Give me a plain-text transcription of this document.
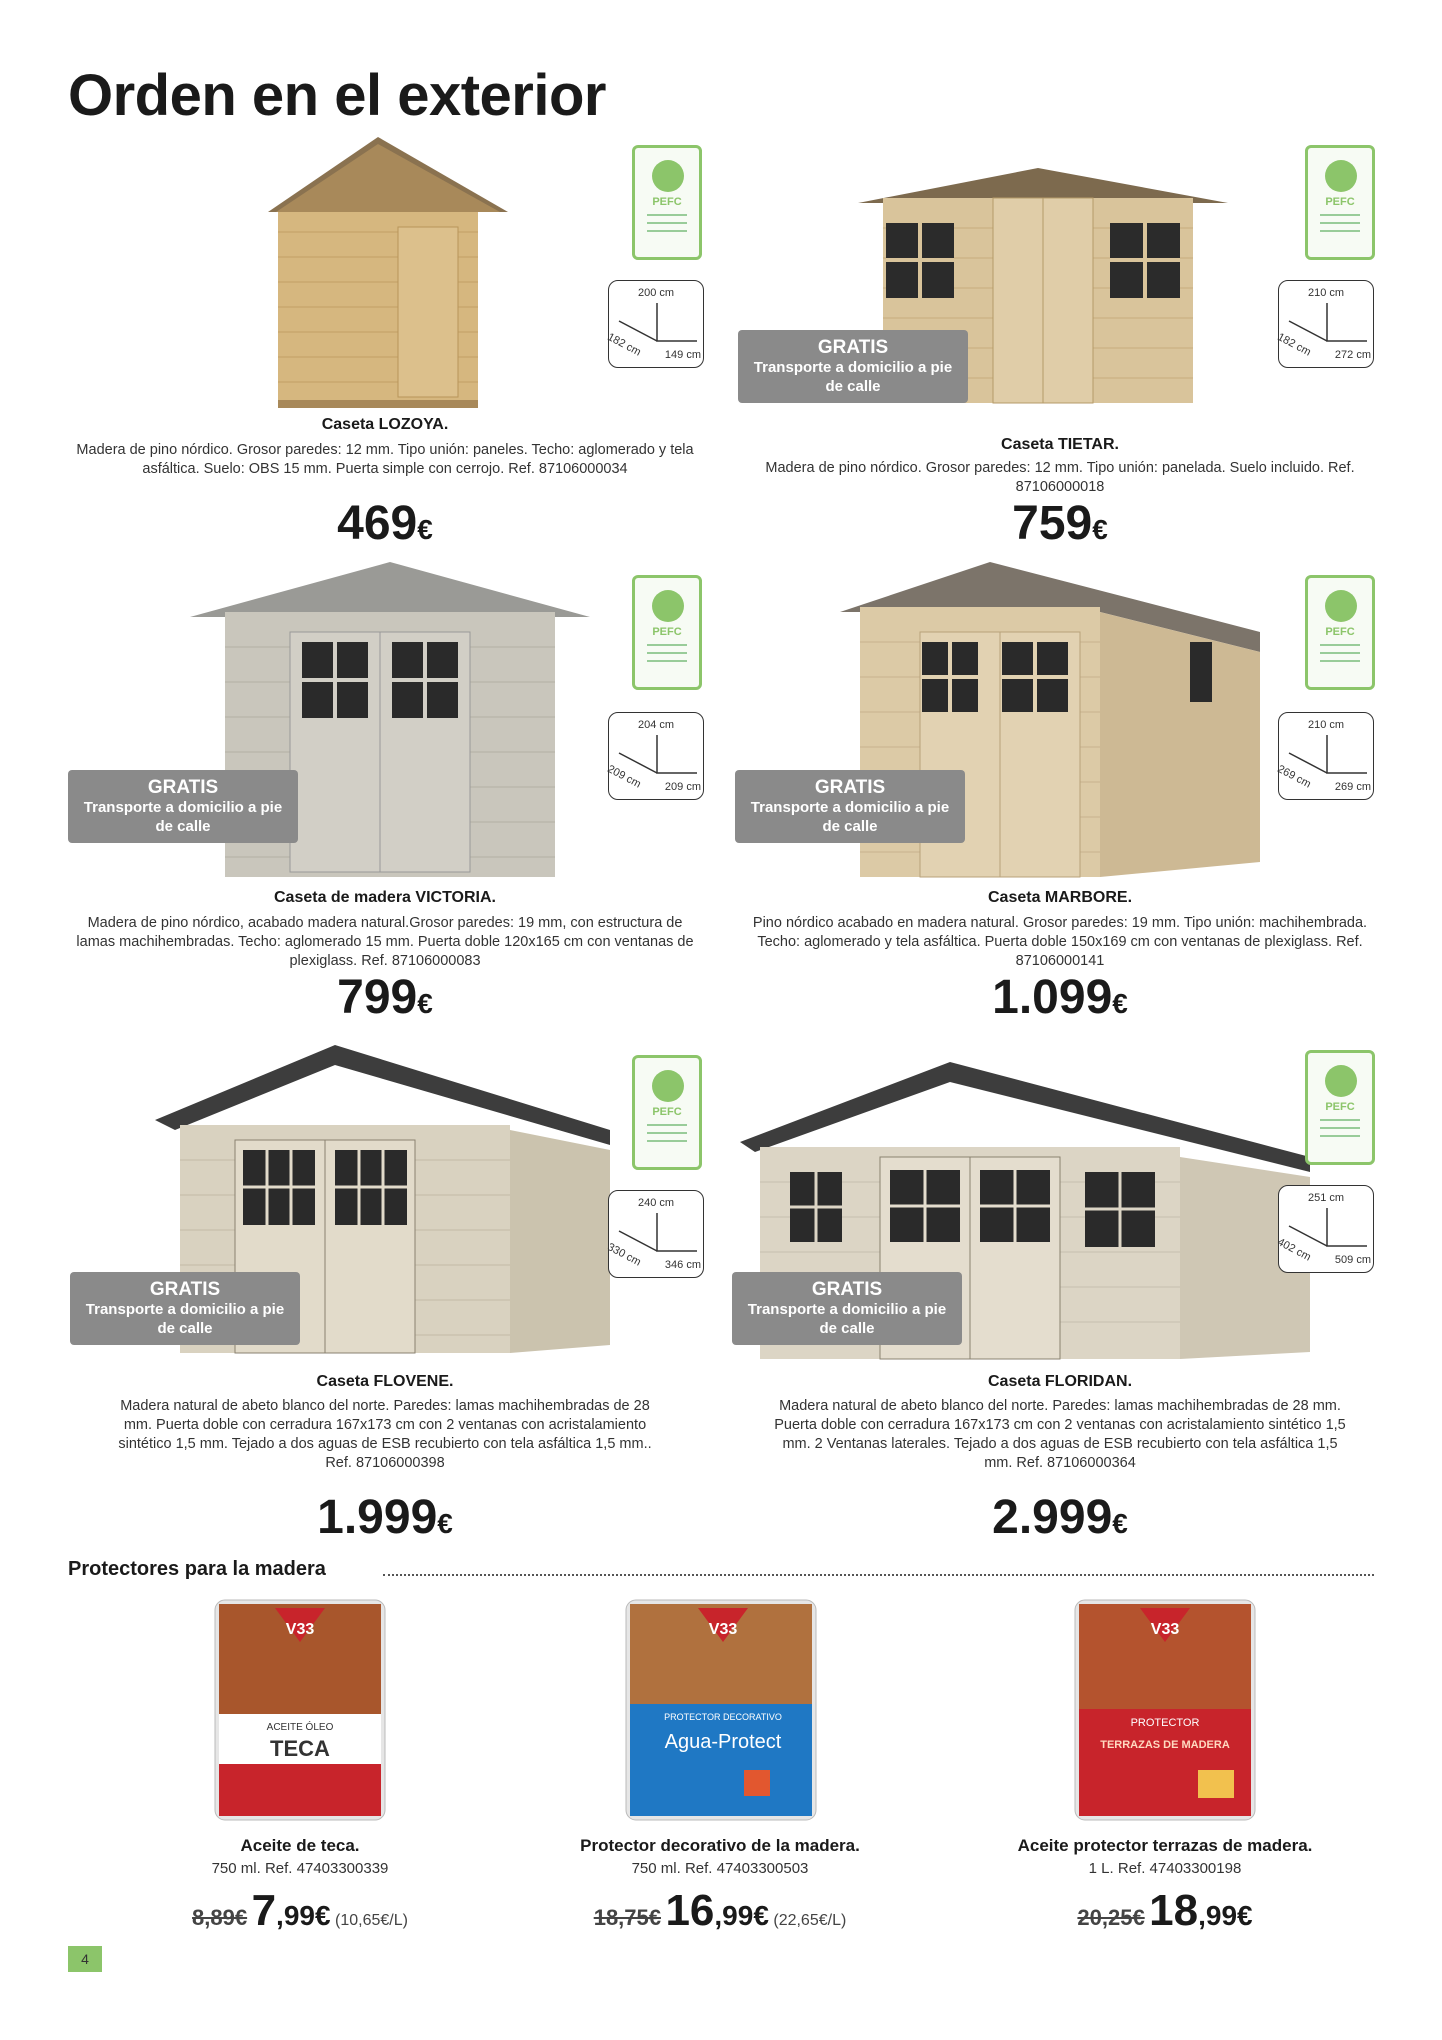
Orden en el exterior
PEFC
200 cm
182 cm 149 cm
Caseta LOZOYA.
Madera de pino nórdico. Grosor paredes: 12 mm. Tipo unión: paneles. Techo: aglomerado y tela asfáltica. Suelo: OBS 15 mm. Puerta simple con cerrojo. Ref. 87106000034
469€
PEFC
210 cm
182 cm 272 cm
GRATIS
Transporte a domicilio a pie de calle
Caseta TIETAR.
Madera de pino nórdico. Grosor paredes: 12 mm. Tipo unión: panelada. Suelo incluido. Ref. 87106000018
759€
PEFC
204 cm
209 cm 209 cm
GRATIS
Transporte a domicilio a pie de calle
Caseta de madera VICTORIA.
Madera de pino nórdico, acabado madera natural.Grosor paredes: 19 mm, con estructura de lamas machihembradas. Techo: aglomerado 15 mm. Puerta doble 120x165 cm con ventanas de plexiglass. Ref. 87106000083
799€
PEFC
210 cm
269 cm 269 cm
GRATIS
Transporte a domicilio a pie de calle
Caseta MARBORE.
Pino nórdico acabado en madera natural. Grosor paredes: 19 mm. Tipo unión: machihembrada. Techo: aglomerado y tela asfáltica. Puerta doble 150x169 cm con ventanas de plexiglass. Ref. 87106000141
1.099€
PEFC
240 cm
330 cm 346 cm
GRATIS
Transporte a domicilio a pie de calle
Caseta FLOVENE.
Madera natural de abeto blanco del norte. Paredes: lamas machihembradas de 28 mm. Puerta doble con cerradura 167x173 cm con 2 ventanas con acristalamiento sintético 1,5 mm. Tejado a dos aguas de ESB recubierto con tela asfáltica 1,5 mm.. Ref. 87106000398
1.999€
PEFC
251 cm
402 cm 509 cm
GRATIS
Transporte a domicilio a pie de calle
Caseta FLORIDAN.
Madera natural de abeto blanco del norte. Paredes: lamas machihembradas de 28 mm. Puerta doble con cerradura 167x173 cm con 2 ventanas con acristalamiento sintético 1,5 mm. 2 Ventanas laterales. Tejado a dos aguas de ESB recubierto con tela asfáltica 1,5 mm. Ref. 87106000364
2.999€
Protectores para la madera
V33
ACEITE ÓLEO
TECA
Aceite de teca.
750 ml. Ref. 47403300339
8,89€ 7,99€ (10,65€/L)
V33
PROTECTOR DECORATIVO
Agua-Protect
Protector decorativo de la madera.
750 ml. Ref. 47403300503
18,75€ 16,99€ (22,65€/L)
V33
PROTECTOR
TERRAZAS DE MADERA
Aceite protector terrazas de madera.
1 L. Ref. 47403300198
20,25€ 18,99€
4
